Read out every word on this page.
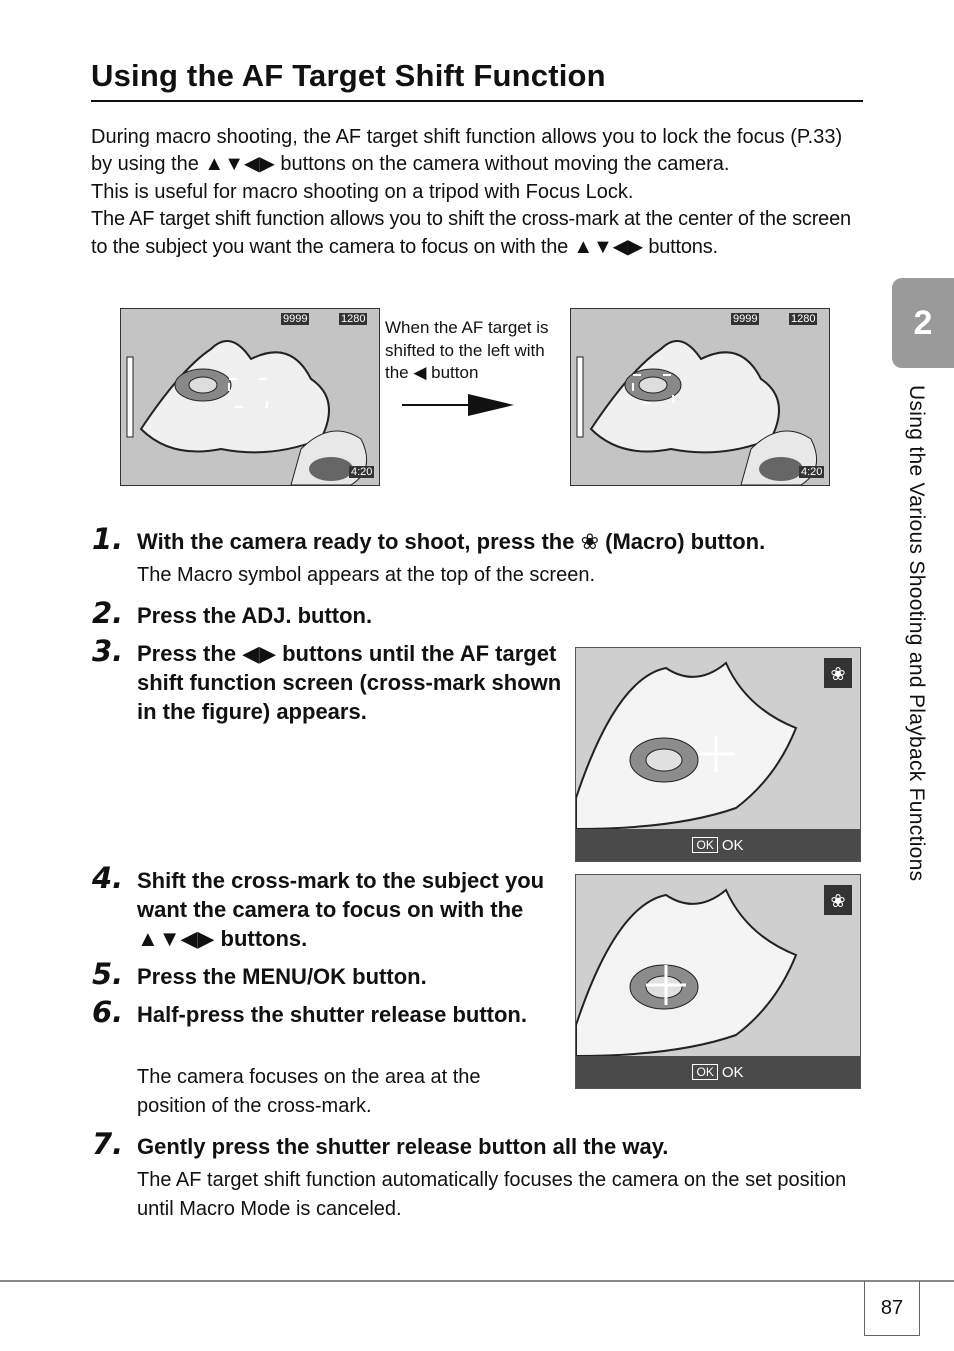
Using the AF Target Shift Function

During macro shooting, the AF target shift function allows you to lock the focus (P.33) by using the ▲▼◀▶ buttons on the camera without moving the camera.

This is useful for macro shooting on a tripod with Focus Lock.

The AF target shift function allows you to shift the cross-mark at the center of the screen to the subject you want the camera to focus on with the ▲▼◀▶ buttons.

9999	1280
4:20
When the AF target is shifted to the left with the ◀ button
9999	1280
4:20
1. With the camera ready to shoot, press the ❀ (Macro) button.
The Macro symbol appears at the top of the screen.
2. Press the ADJ. button.
3. Press the ◀▶ buttons until the AF target shift function screen (cross-mark shown in the figure) appears.
❀
OK OK
4. Shift the cross-mark to the subject you want the camera to focus on with the ▲▼◀▶ buttons.
❀
OK OK
5. Press the MENU/OK button.
6. Half-press the shutter release button.
The camera focuses on the area at the position of the cross-mark.
7. Gently press the shutter release button all the way.
The AF target shift function automatically focuses the camera on the set position until Macro Mode is canceled.
2
Using the Various Shooting and Playback Functions
87
